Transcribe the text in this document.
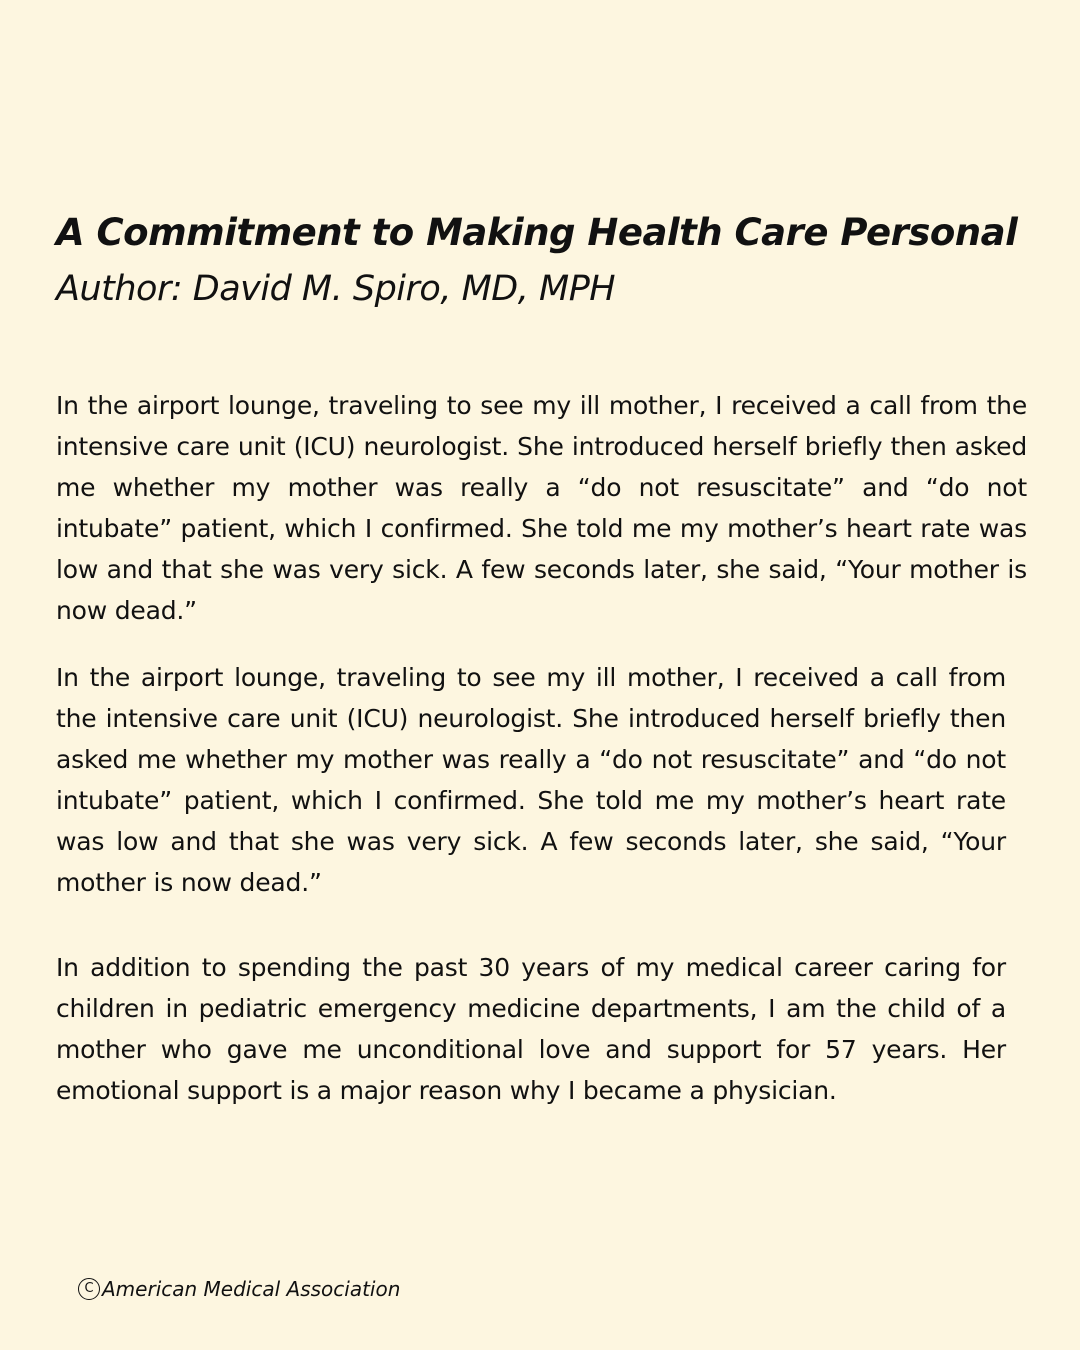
A Commitment to Making Health Care Personal
Author: David M. Spiro, MD, MPH

In the airport lounge, traveling to see my ill mother, I received a call from the intensive care unit (ICU) neurologist. She introduced herself briefly then asked me whether my mother was really a “do not resuscitate” and “do not intubate” patient, which I confirmed. She told me my mother’s heart rate was low and that she was very sick. A few seconds later, she said, “Your mother is now dead.”

In the airport lounge, traveling to see my ill mother, I received a call from the intensive care unit (ICU) neurologist. She introduced herself briefly then asked me whether my mother was really a “do not resuscitate” and “do not intubate” patient, which I confirmed. She told me my mother’s heart rate was low and that she was very sick. A few seconds later, she said, “Your mother is now dead.”

In addition to spending the past 30 years of my medical career caring for children in pediatric emergency medicine departments, I am the child of a mother who gave me unconditional love and support for 57 years. Her emotional support is a major reason why I became a physician.

C American Medical Association
